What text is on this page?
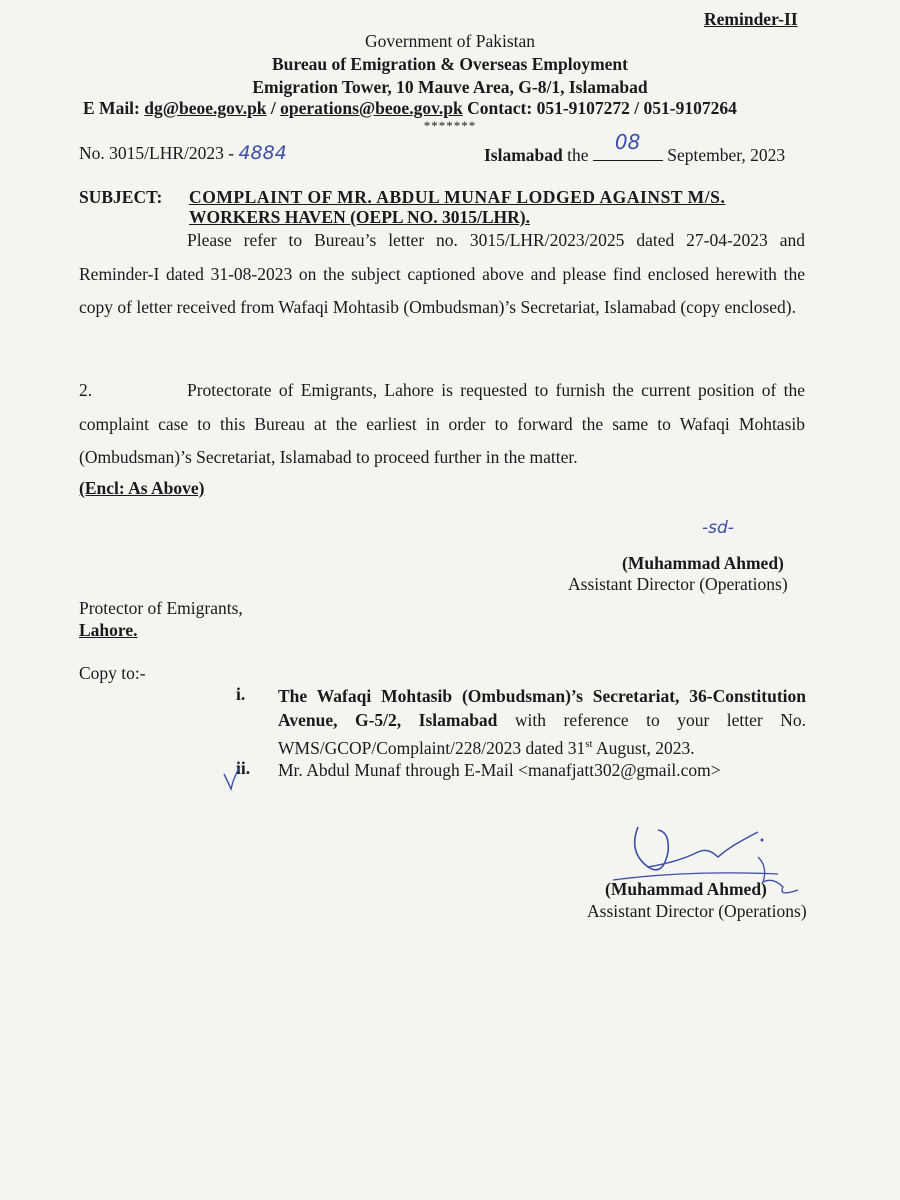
Reminder-II
Government of Pakistan
Bureau of Emigration & Overseas Employment
Emigration Tower, 10 Mauve Area, G-8/1, Islamabad
E Mail: dg@beoe.gov.pk / operations@beoe.gov.pk Contact: 051-9107272 / 051-9107264
*******
No. 3015/LHR/2023 - 4884	Islamabad the
08
September, 2023
SUBJECT: COMPLAINT OF MR. ABDUL MUNAF LODGED AGAINST M/S.
WORKERS HAVEN (OEPL NO. 3015/LHR).
Please refer to Bureau’s letter no. 3015/LHR/2023/2025 dated 27-04-2023 and Reminder-I dated 31-08-2023 on the subject captioned above and please find enclosed herewith the copy of letter received from Wafaqi Mohtasib (Ombudsman)’s Secretariat, Islamabad (copy enclosed).
2.	Protectorate of Emigrants, Lahore is requested to furnish the current position of the complaint case to this Bureau at the earliest in order to forward the same to Wafaqi Mohtasib (Ombudsman)’s Secretariat, Islamabad to proceed further in the matter.
(Encl: As Above)
-sd-
(Muhammad Ahmed)
Assistant Director (Operations)
Protector of Emigrants,
Lahore.
Copy to:-
i. The Wafaqi Mohtasib (Ombudsman)’s Secretariat, 36-Constitution Avenue, G-5/2, Islamabad with reference to your letter No. WMS/GCOP/Complaint/228/2023 dated 31st August, 2023.
ii. Mr. Abdul Munaf through E-Mail <manafjatt302@gmail.com>
(Muhammad Ahmed)
Assistant Director (Operations)
